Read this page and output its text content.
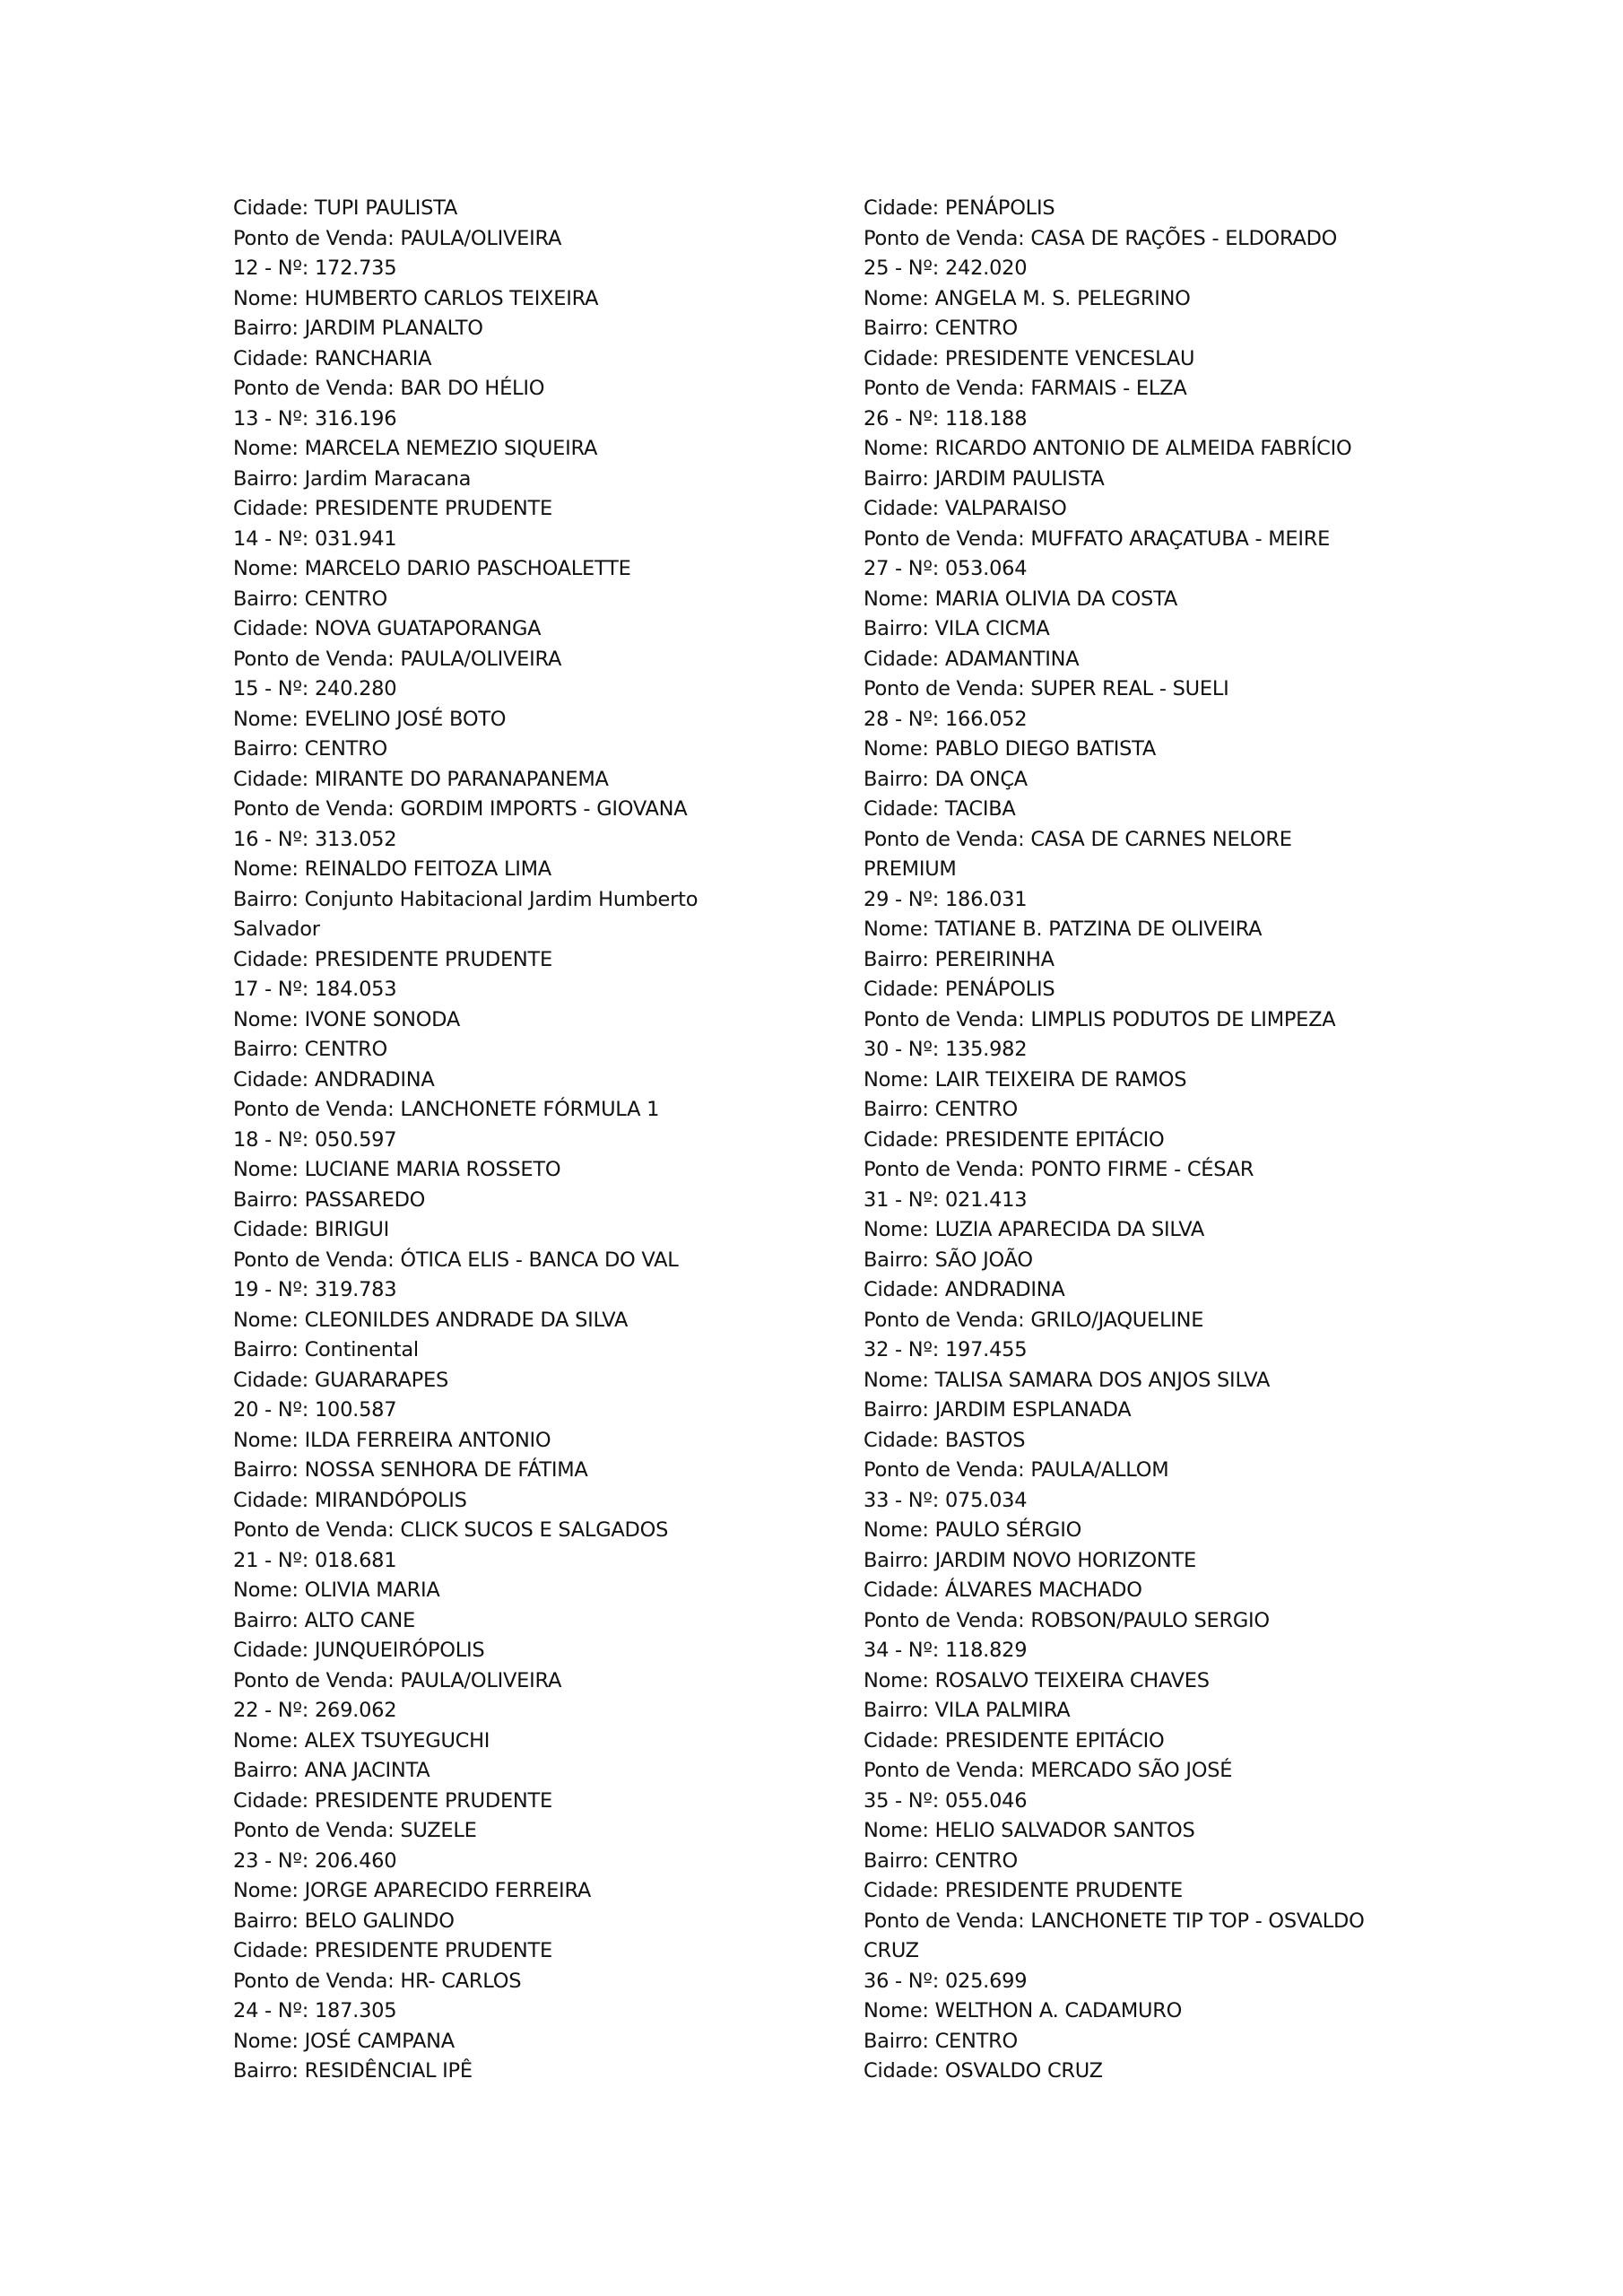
Cidade: TUPI PAULISTA
Ponto de Venda: PAULA/OLIVEIRA
12 - Nº: 172.735
Nome: HUMBERTO CARLOS TEIXEIRA
Bairro: JARDIM PLANALTO
Cidade: RANCHARIA
Ponto de Venda: BAR DO HÉLIO
13 - Nº: 316.196
Nome: MARCELA NEMEZIO SIQUEIRA
Bairro: Jardim Maracana
Cidade: PRESIDENTE PRUDENTE
14 - Nº: 031.941
Nome: MARCELO DARIO PASCHOALETTE
Bairro: CENTRO
Cidade: NOVA GUATAPORANGA
Ponto de Venda: PAULA/OLIVEIRA
15 - Nº: 240.280
Nome: EVELINO JOSÉ BOTO
Bairro: CENTRO
Cidade: MIRANTE DO PARANAPANEMA
Ponto de Venda: GORDIM IMPORTS - GIOVANA
16 - Nº: 313.052
Nome: REINALDO FEITOZA LIMA
Bairro: Conjunto Habitacional Jardim Humberto
Salvador
Cidade: PRESIDENTE PRUDENTE
17 - Nº: 184.053
Nome: IVONE SONODA
Bairro: CENTRO
Cidade: ANDRADINA
Ponto de Venda: LANCHONETE FÓRMULA 1
18 - Nº: 050.597
Nome: LUCIANE MARIA ROSSETO
Bairro: PASSAREDO
Cidade: BIRIGUI
Ponto de Venda: ÓTICA ELIS - BANCA DO VAL
19 - Nº: 319.783
Nome: CLEONILDES ANDRADE DA SILVA
Bairro: Continental
Cidade: GUARARAPES
20 - Nº: 100.587
Nome: ILDA FERREIRA ANTONIO
Bairro: NOSSA SENHORA DE FÁTIMA
Cidade: MIRANDÓPOLIS
Ponto de Venda: CLICK SUCOS E SALGADOS
21 - Nº: 018.681
Nome: OLIVIA MARIA
Bairro: ALTO CANE
Cidade: JUNQUEIRÓPOLIS
Ponto de Venda: PAULA/OLIVEIRA
22 - Nº: 269.062
Nome: ALEX TSUYEGUCHI
Bairro: ANA JACINTA
Cidade: PRESIDENTE PRUDENTE
Ponto de Venda: SUZELE
23 - Nº: 206.460
Nome: JORGE APARECIDO FERREIRA
Bairro: BELO GALINDO
Cidade: PRESIDENTE PRUDENTE
Ponto de Venda: HR- CARLOS
24 - Nº: 187.305
Nome: JOSÉ CAMPANA
Bairro: RESIDÊNCIAL IPÊ
Cidade: PENÁPOLIS
Ponto de Venda: CASA DE RAÇÕES - ELDORADO
25 - Nº: 242.020
Nome: ANGELA M. S. PELEGRINO
Bairro: CENTRO
Cidade: PRESIDENTE VENCESLAU
Ponto de Venda: FARMAIS - ELZA
26 - Nº: 118.188
Nome: RICARDO ANTONIO DE ALMEIDA FABRÍCIO
Bairro: JARDIM PAULISTA
Cidade: VALPARAISO
Ponto de Venda: MUFFATO ARAÇATUBA - MEIRE
27 - Nº: 053.064
Nome: MARIA OLIVIA DA COSTA
Bairro: VILA CICMA
Cidade: ADAMANTINA
Ponto de Venda: SUPER REAL - SUELI
28 - Nº: 166.052
Nome: PABLO DIEGO BATISTA
Bairro: DA ONÇA
Cidade: TACIBA
Ponto de Venda: CASA DE CARNES NELORE
PREMIUM
29 - Nº: 186.031
Nome: TATIANE B. PATZINA DE OLIVEIRA
Bairro: PEREIRINHA
Cidade: PENÁPOLIS
Ponto de Venda: LIMPLIS PODUTOS DE LIMPEZA
30 - Nº: 135.982
Nome: LAIR TEIXEIRA DE RAMOS
Bairro: CENTRO
Cidade: PRESIDENTE EPITÁCIO
Ponto de Venda: PONTO FIRME - CÉSAR
31 - Nº: 021.413
Nome: LUZIA APARECIDA DA SILVA
Bairro: SÃO JOÃO
Cidade: ANDRADINA
Ponto de Venda: GRILO/JAQUELINE
32 - Nº: 197.455
Nome: TALISA SAMARA DOS ANJOS SILVA
Bairro: JARDIM ESPLANADA
Cidade: BASTOS
Ponto de Venda: PAULA/ALLOM
33 - Nº: 075.034
Nome: PAULO SÉRGIO
Bairro: JARDIM NOVO HORIZONTE
Cidade: ÁLVARES MACHADO
Ponto de Venda: ROBSON/PAULO SERGIO
34 - Nº: 118.829
Nome: ROSALVO TEIXEIRA CHAVES
Bairro: VILA PALMIRA
Cidade: PRESIDENTE EPITÁCIO
Ponto de Venda: MERCADO SÃO JOSÉ
35 - Nº: 055.046
Nome: HELIO SALVADOR SANTOS
Bairro: CENTRO
Cidade: PRESIDENTE PRUDENTE
Ponto de Venda: LANCHONETE TIP TOP - OSVALDO
CRUZ
36 - Nº: 025.699
Nome: WELTHON A. CADAMURO
Bairro: CENTRO
Cidade: OSVALDO CRUZ
